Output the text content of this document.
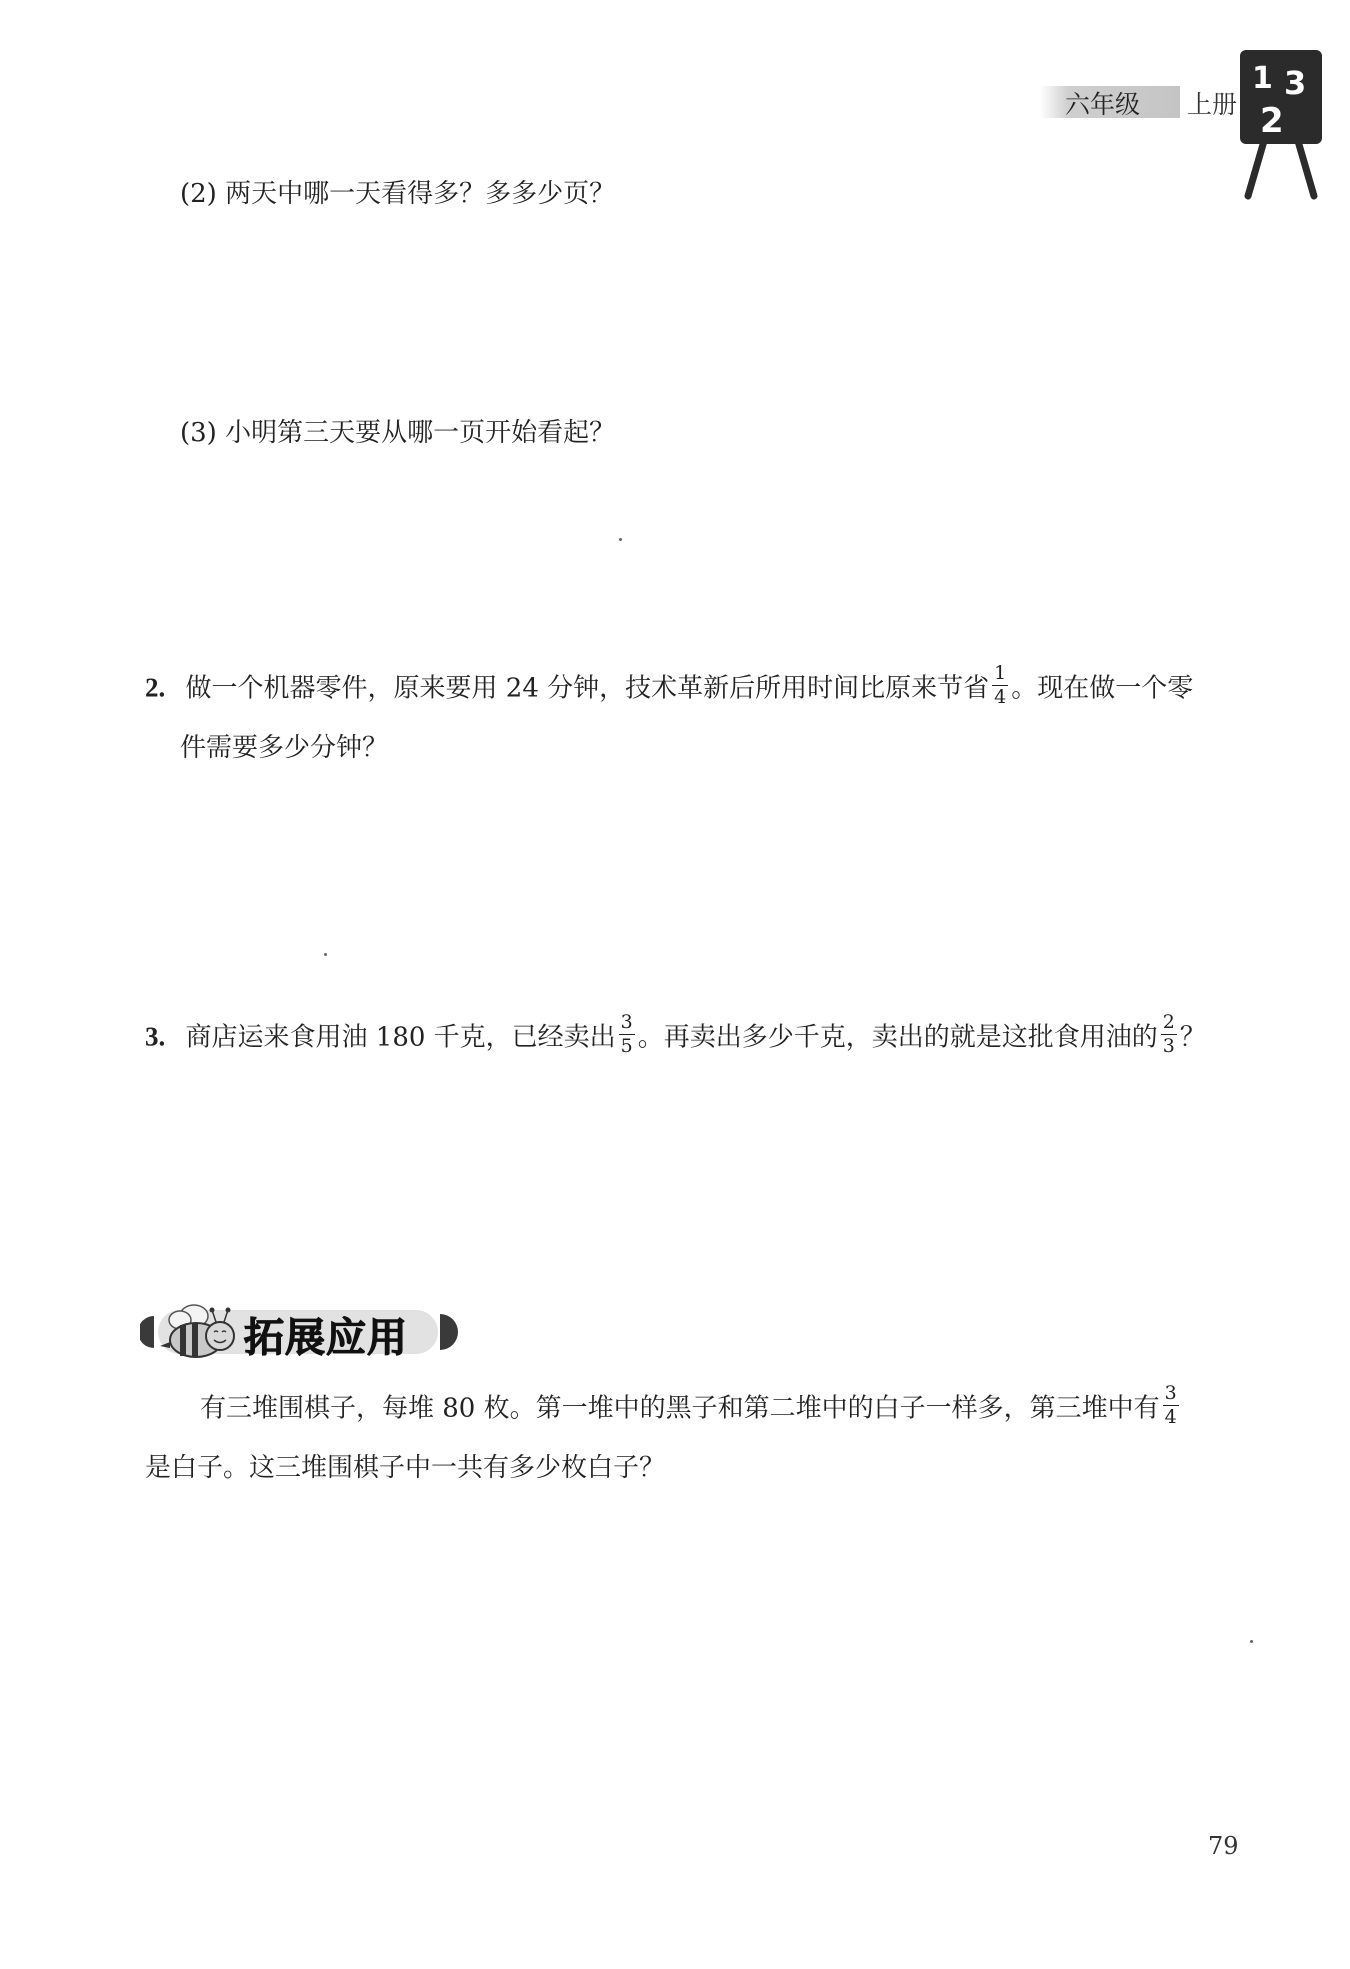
六年级 上册
1 3
2
(2) 两天中哪一天看得多？多多少页？
(3) 小明第三天要从哪一页开始看起？
2. 做一个机器零件，原来要用 24 分钟，技术革新后所用时间比原来节省 $\frac{1}{4}$ 。现在做一个零
件需要多少分钟？
3. 商店运来食用油 180 千克，已经卖出 $\frac{3}{5}$ 。再卖出多少千克，卖出的就是这批食用油的 $\frac{2}{3}$ ？
拓展应用
有三堆围棋子，每堆 80 枚。第一堆中的黑子和第二堆中的白子一样多，第三堆中有 $\frac{3}{4}$
是白子。这三堆围棋子中一共有多少枚白子？
79
